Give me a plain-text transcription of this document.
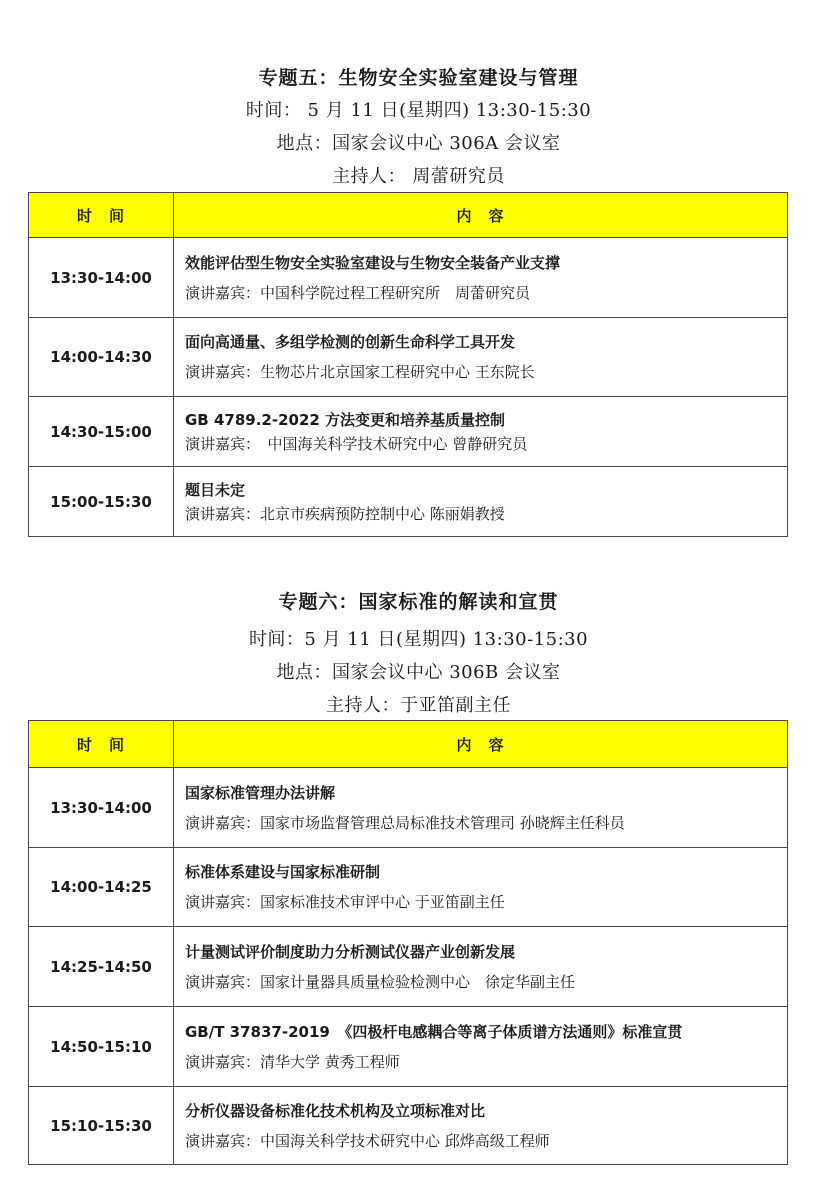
专题五：生物安全实验室建设与管理

时间： 5 月 11 日(星期四) 13:30-15:30

地点：国家会议中心 306A 会议室

主持人： 周蕾研究员

时　间	内　容
13:30-14:00	效能评估型生物安全实验室建设与生物安全装备产业支撑
演讲嘉宾：中国科学院过程工程研究所　周蕾研究员

14:00-14:30	面向高通量、多组学检测的创新生命科学工具开发
演讲嘉宾：生物芯片北京国家工程研究中心 王东院长

14:30-15:00	GB 4789.2-2022 方法变更和培养基质量控制
演讲嘉宾：　中国海关科学技术研究中心 曾静研究员

15:00-15:30	题目未定
演讲嘉宾：北京市疾病预防控制中心 陈丽娟教授

专题六：国家标准的解读和宣贯

时间：5 月 11 日(星期四) 13:30-15:30

地点：国家会议中心 306B 会议室

主持人：于亚笛副主任

时　间	内　容
13:30-14:00	国家标准管理办法讲解
演讲嘉宾：国家市场监督管理总局标准技术管理司 孙晓辉主任科员

14:00-14:25	标准体系建设与国家标准研制
演讲嘉宾：国家标准技术审评中心 于亚笛副主任

14:25-14:50	计量测试评价制度助力分析测试仪器产业创新发展
演讲嘉宾：国家计量器具质量检验检测中心　徐定华副主任

14:50-15:10	GB/T 37837-2019　《四极杆电感耦合等离子体质谱方法通则》标准宣贯
演讲嘉宾：清华大学 黄秀工程师

15:10-15:30	分析仪器设备标准化技术机构及立项标准对比
演讲嘉宾：中国海关科学技术研究中心 邱烨高级工程师
